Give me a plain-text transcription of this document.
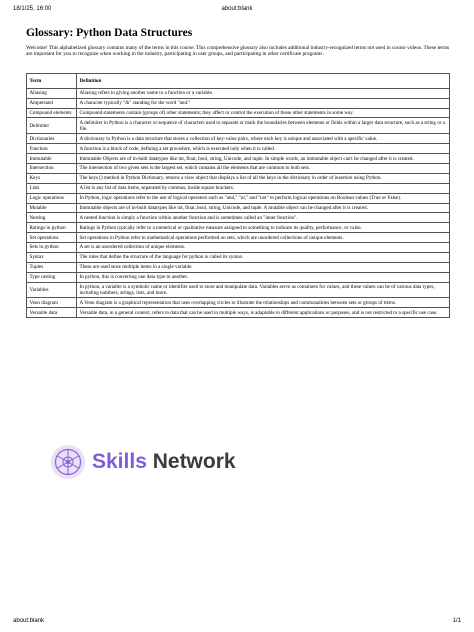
18/1/25, 16:00	about:blank
Glossary: Python Data Structures

Welcome! This alphabetized glossary contains many of the terms in this course. This comprehensive glossary also includes additional industry-recognized terms not used in course videos. These terms are important for you to recognize when working in the industry, participating in user groups, and participating in other certificate programs.

Term	Definition
Aliasing	Aliasing refers to giving another name to a function or a variable.
Ampersand	A character typically "&" standing for the word "and."
Compound elements	Compound statements contain (groups of) other statements; they affect or control the execution of those other statements in some way.
Delimiter	A delimiter in Python is a character or sequence of characters used to separate or mark the boundaries between elements or fields within a larger data structure, such as a string or a file.
Dictionaries	A dictionary in Python is a data structure that stores a collection of key-value pairs, where each key is unique and associated with a specific value.
Function	A function is a block of code, defining a set procedure, which is executed only when it is called.
Immutable	Immutable Objects are of in-built datatypes like int, float, bool, string, Unicode, and tuple. In simple words, an immutable object can't be changed after it is created.
Intersection	The intersection of two given sets is the largest set, which contains all the elements that are common to both sets.
Keys	The keys () method in Python Dictionary, returns a view object that displays a list of all the keys in the dictionary in order of insertion using Python.
Lists	A list is any list of data items, separated by commas, inside square brackets.
Logic operations	In Python, logic operations refer to the use of logical operators such as "and," "or," and "not" to perform logical operations on Boolean values (True or False).
Mutable	Immutable objects are of in-built datatypes like int, float, bool, string, Unicode, and tuple. A mutable object can be changed after it is created.
Nesting	A nested function is simply a function within another function and is sometimes called an "inner function".
Ratings in python	Ratings in Python typically refer to a numerical or qualitative measure assigned to something to indicate its quality, performance, or value.
Set operations	Set operations in Python refer to mathematical operations performed on sets, which are unordered collections of unique elements.
Sets in python	A set is an unordered collection of unique elements.
Syntax	The rules that define the structure of the language for python is called its syntax.
Tuples	These are used store multiple items in a single variable.
Type casting	In python, this is converting one data type to another.
Variables	In python, a variable is a symbolic name or identifier used to store and manipulate data. Variables serve as containers for values, and these values can be of various data types, including numbers, strings, lists, and more.
Venn diagram	A Venn diagram is a graphical representation that uses overlapping circles to illustrate the relationships and commonalities between sets or groups of items.
Versatile data	Versatile data, in a general context, refers to data that can be used in multiple ways, is adaptable to different applications or purposes, and is not restricted to a specific use case.
Skills Network
about:blank	1/1
